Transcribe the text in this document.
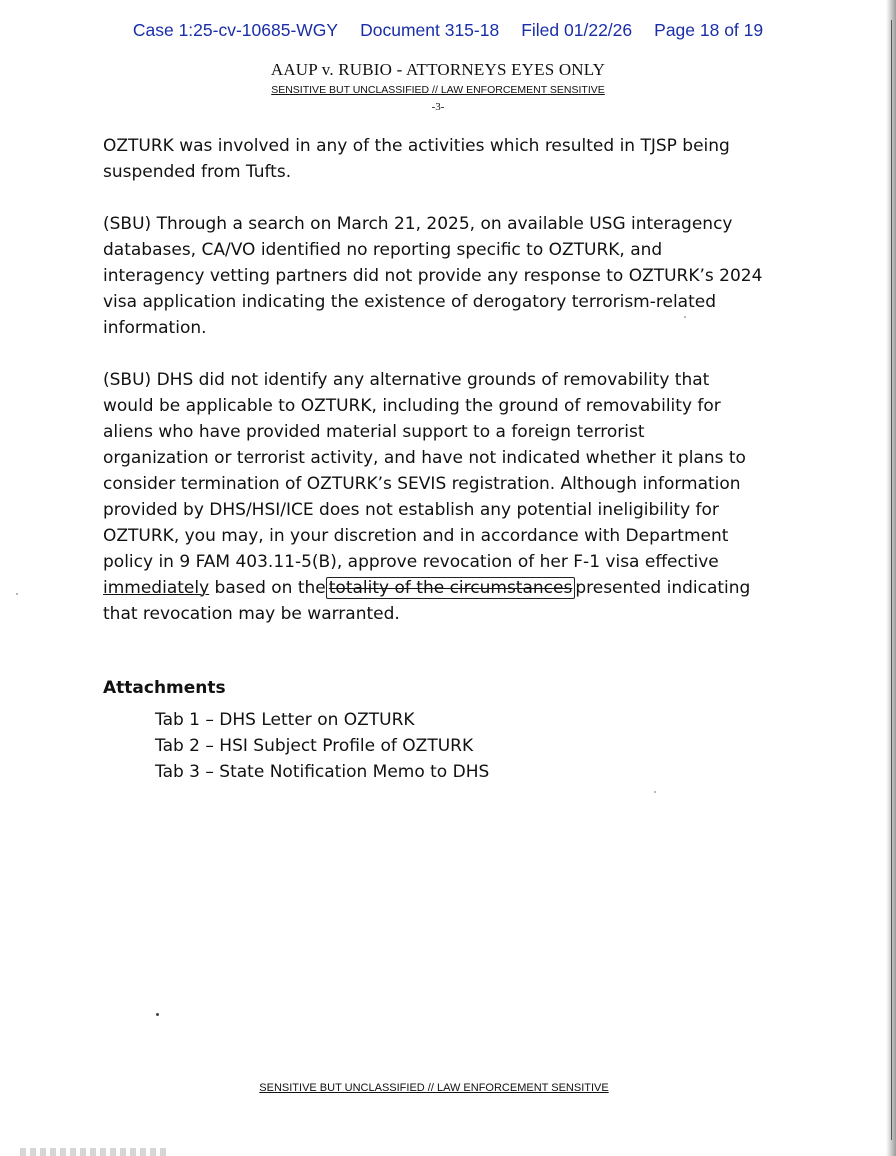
Case 1:25-cv-10685-WGY Document 315-18 Filed 01/22/26 Page 18 of 19
AAUP v. RUBIO - ATTORNEYS EYES ONLY
SENSITIVE BUT UNCLASSIFIED // LAW ENFORCEMENT SENSITIVE
-3-

OZTURK was involved in any of the activities which resulted in TJSP being
suspended from Tufts.

(SBU) Through a search on March 21, 2025, on available USG interagency
databases, CA/VO identified no reporting specific to OZTURK, and
interagency vetting partners did not provide any response to OZTURK’s 2024
visa application indicating the existence of derogatory terrorism-related
information.

(SBU) DHS did not identify any alternative grounds of removability that
would be applicable to OZTURK, including the ground of removability for
aliens who have provided material support to a foreign terrorist
organization or terrorist activity, and have not indicated whether it plans to
consider termination of OZTURK’s SEVIS registration. Although information
provided by DHS/HSI/ICE does not establish any potential ineligibility for
OZTURK, you may, in your discretion and in accordance with Department
policy in 9 FAM 403.11-5(B), approve revocation of her F-1 visa effective
immediately based on the totality of the circumstances presented indicating
that revocation may be warranted.

Attachments

Tab 1 – DHS Letter on OZTURK
Tab 2 – HSI Subject Profile of OZTURK
Tab 3 – State Notification Memo to DHS
SENSITIVE BUT UNCLASSIFIED // LAW ENFORCEMENT SENSITIVE
